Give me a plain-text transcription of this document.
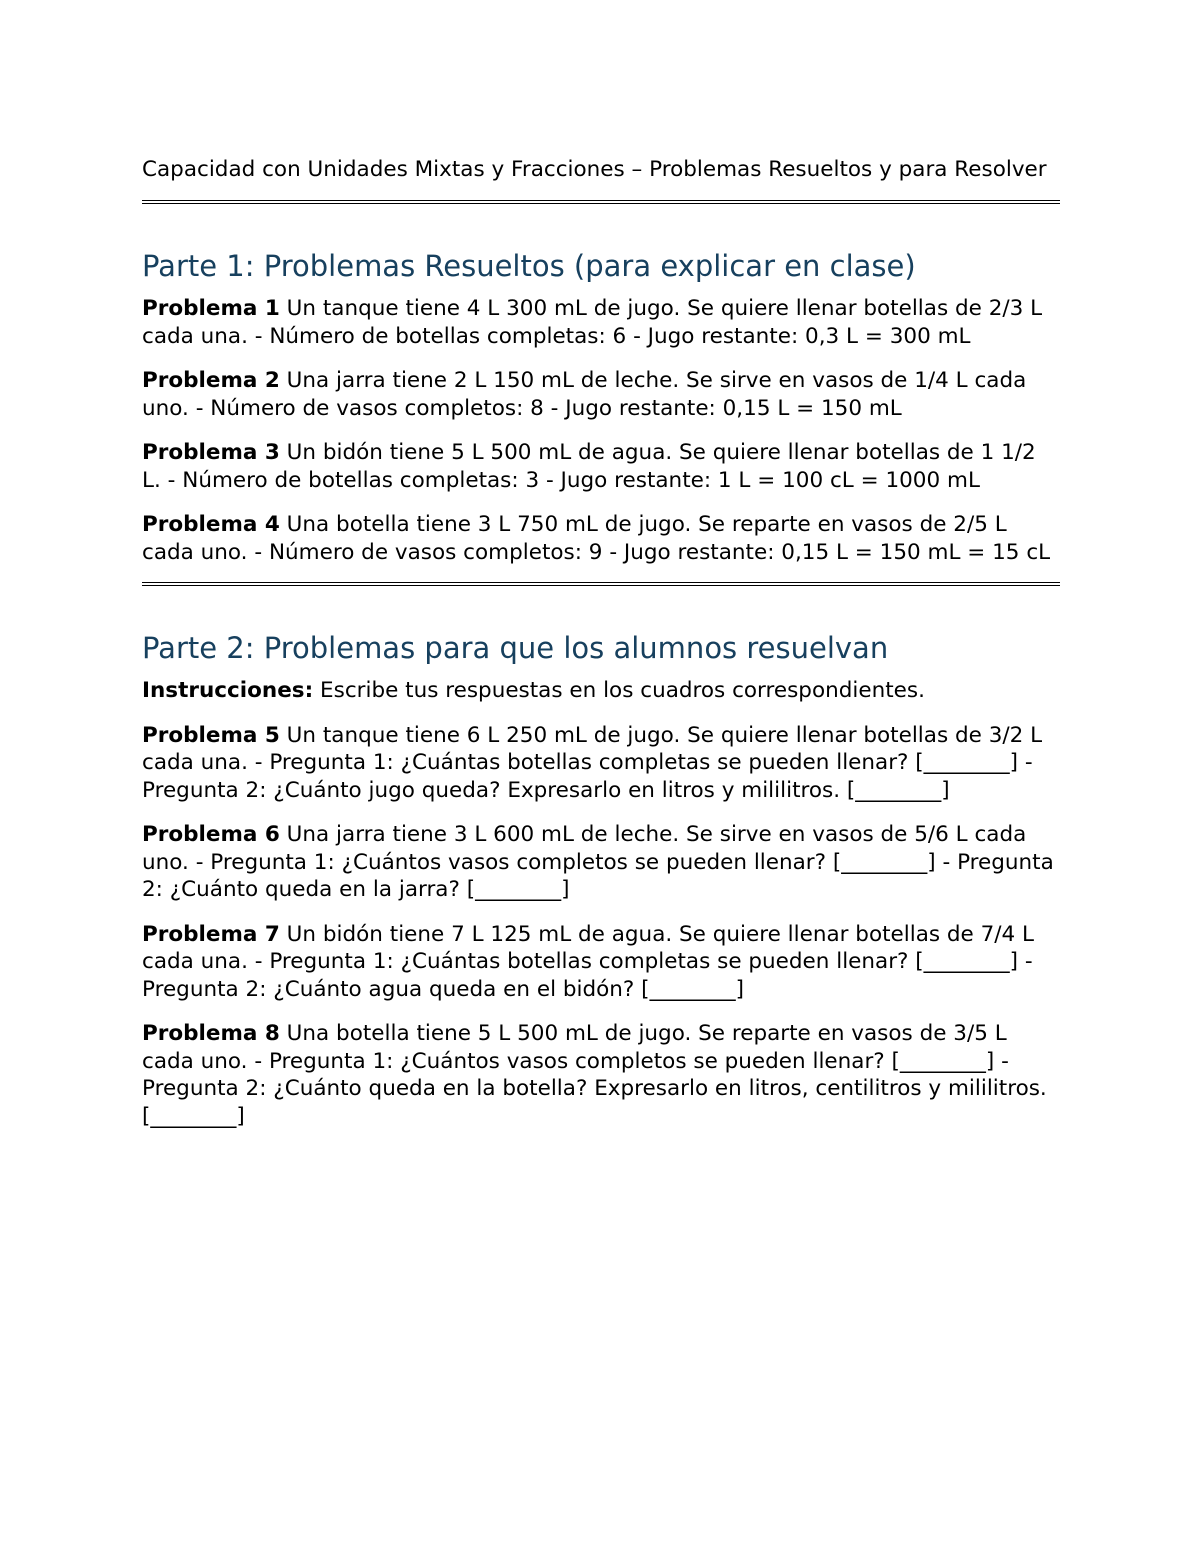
Capacidad con Unidades Mixtas y Fracciones – Problemas Resueltos y para Resolver

Parte 1: Problemas Resueltos (para explicar en clase)

Problema 1 Un tanque tiene 4 L 300 mL de jugo. Se quiere llenar botellas de 2/3 L cada una. - Número de botellas completas: 6 - Jugo restante: 0,3 L = 300 mL

Problema 2 Una jarra tiene 2 L 150 mL de leche. Se sirve en vasos de 1/4 L cada uno. - Número de vasos completos: 8 - Jugo restante: 0,15 L = 150 mL

Problema 3 Un bidón tiene 5 L 500 mL de agua. Se quiere llenar botellas de 1 1/2 L. - Número de botellas completas: 3 - Jugo restante: 1 L = 100 cL = 1000 mL

Problema 4 Una botella tiene 3 L 750 mL de jugo. Se reparte en vasos de 2/5 L cada uno. - Número de vasos completos: 9 - Jugo restante: 0,15 L = 150 mL = 15 cL

Parte 2: Problemas para que los alumnos resuelvan

Instrucciones: Escribe tus respuestas en los cuadros correspondientes.

Problema 5 Un tanque tiene 6 L 250 mL de jugo. Se quiere llenar botellas de 3/2 L cada una. - Pregunta 1: ¿Cuántas botellas completas se pueden llenar? [________] - Pregunta 2: ¿Cuánto jugo queda? Expresarlo en litros y mililitros. [________]

Problema 6 Una jarra tiene 3 L 600 mL de leche. Se sirve en vasos de 5/6 L cada uno. - Pregunta 1: ¿Cuántos vasos completos se pueden llenar? [________] - Pregunta 2: ¿Cuánto queda en la jarra? [________]

Problema 7 Un bidón tiene 7 L 125 mL de agua. Se quiere llenar botellas de 7/4 L cada una. - Pregunta 1: ¿Cuántas botellas completas se pueden llenar? [________] - Pregunta 2: ¿Cuánto agua queda en el bidón? [________]

Problema 8 Una botella tiene 5 L 500 mL de jugo. Se reparte en vasos de 3/5 L cada uno. - Pregunta 1: ¿Cuántos vasos completos se pueden llenar? [________] - Pregunta 2: ¿Cuánto queda en la botella? Expresarlo en litros, centilitros y mililitros. [________]
